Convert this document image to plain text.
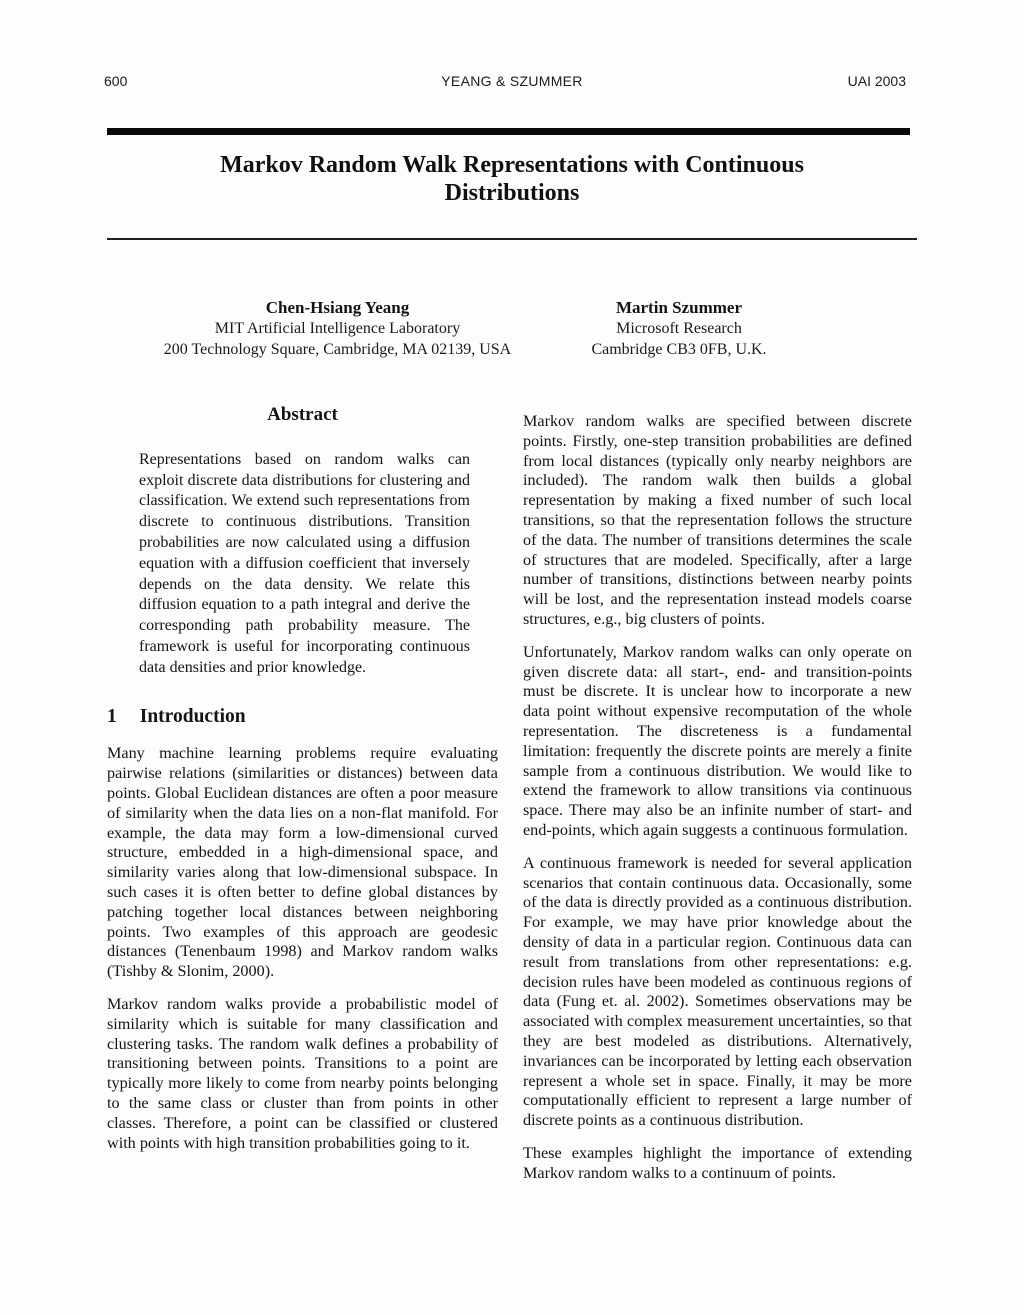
600	YEANG & SZUMMER	UAI 2003
Markov Random Walk Representations with Continuous Distributions
Chen-Hsiang Yeang
MIT Artificial Intelligence Laboratory
200 Technology Square, Cambridge, MA 02139, USA
Martin Szummer
Microsoft Research
Cambridge CB3 0FB, U.K.
Abstract

Representations based on random walks can exploit discrete data distributions for clustering and classification. We extend such representations from discrete to continuous distributions. Transition probabilities are now calculated using a diffusion equation with a diffusion coefficient that inversely depends on the data density. We relate this diffusion equation to a path integral and derive the corresponding path probability measure. The framework is useful for incorporating continuous data densities and prior knowledge.

1 Introduction

Many machine learning problems require evaluating pairwise relations (similarities or distances) between data points. Global Euclidean distances are often a poor measure of similarity when the data lies on a non-flat manifold. For example, the data may form a low-dimensional curved structure, embedded in a high-dimensional space, and similarity varies along that low-dimensional subspace. In such cases it is often better to define global distances by patching together local distances between neighboring points. Two examples of this approach are geodesic distances (Tenenbaum 1998) and Markov random walks (Tishby & Slonim, 2000).

Markov random walks provide a probabilistic model of similarity which is suitable for many classification and clustering tasks. The random walk defines a probability of transitioning between points. Transitions to a point are typically more likely to come from nearby points belonging to the same class or cluster than from points in other classes. Therefore, a point can be classified or clustered with points with high transition probabilities going to it.

Markov random walks are specified between discrete points. Firstly, one-step transition probabilities are defined from local distances (typically only nearby neighbors are included). The random walk then builds a global representation by making a fixed number of such local transitions, so that the representation follows the structure of the data. The number of transitions determines the scale of structures that are modeled. Specifically, after a large number of transitions, distinctions between nearby points will be lost, and the representation instead models coarse structures, e.g., big clusters of points.

Unfortunately, Markov random walks can only operate on given discrete data: all start-, end- and transition-points must be discrete. It is unclear how to incorporate a new data point without expensive recomputation of the whole representation. The discreteness is a fundamental limitation: frequently the discrete points are merely a finite sample from a continuous distribution. We would like to extend the framework to allow transitions via continuous space. There may also be an infinite number of start- and end-points, which again suggests a continuous formulation.

A continuous framework is needed for several application scenarios that contain continuous data. Occasionally, some of the data is directly provided as a continuous distribution. For example, we may have prior knowledge about the density of data in a particular region. Continuous data can result from translations from other representations: e.g. decision rules have been modeled as continuous regions of data (Fung et. al. 2002). Sometimes observations may be associated with complex measurement uncertainties, so that they are best modeled as distributions. Alternatively, invariances can be incorporated by letting each observation represent a whole set in space. Finally, it may be more computationally efficient to represent a large number of discrete points as a continuous distribution.

These examples highlight the importance of extending Markov random walks to a continuum of points.
